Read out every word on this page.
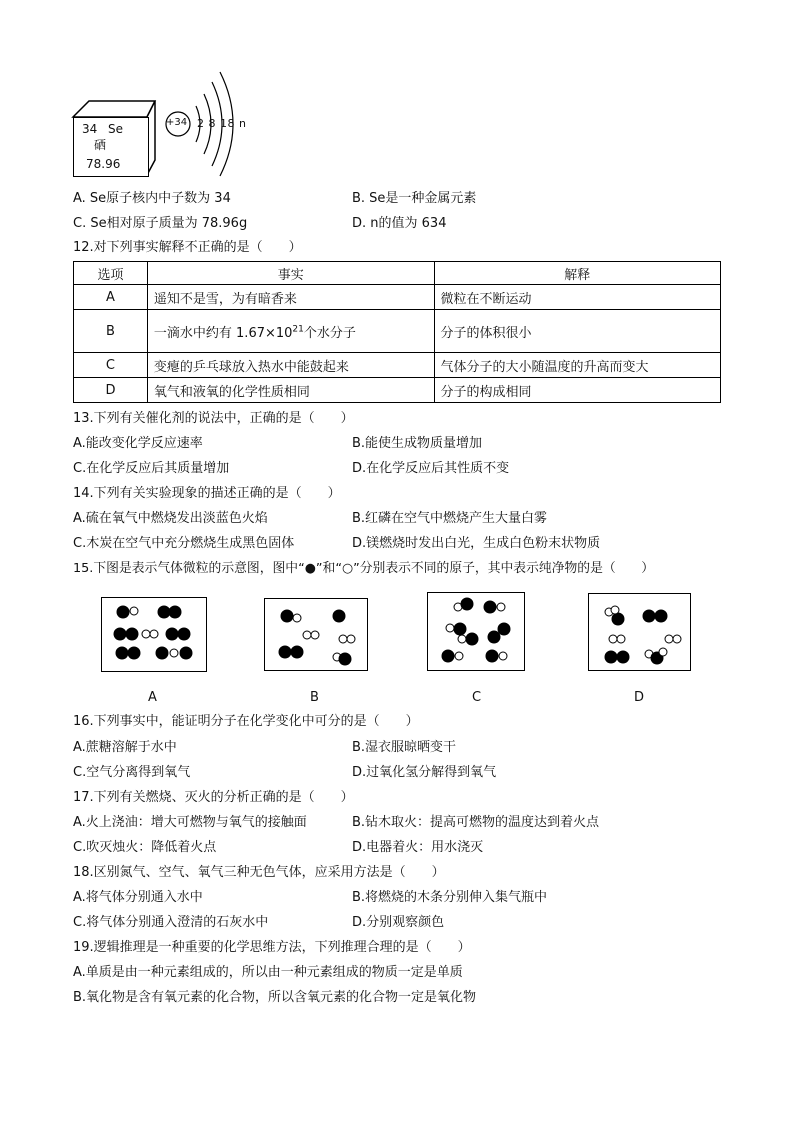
34 Se
硒
78.96
+34 2 8 18 n
A. Se原子核内中子数为 34	B. Se是一种金属元素
C. Se相对原子质量为 78.96g	D. n的值为 634
12.对下列事实解释不正确的是（　　）
选项	事实	解释
A	遥知不是雪，为有暗香来	微粒在不断运动
B	一滴水中约有 $1.67\times 10^{21}$个水分子	分子的体积很小
C	变瘪的乒乓球放入热水中能鼓起来	气体分子的大小随温度的升高而变大
D	氧气和液氧的化学性质相同	分子的构成相同
13.下列有关催化剂的说法中，正确的是（　　）
A.能改变化学反应速率	B.能使生成物质量增加
C.在化学反应后其质量增加	D.在化学反应后其性质不变
14.下列有关实验现象的描述正确的是（　　）
A.硫在氧气中燃烧发出淡蓝色火焰	B.红磷在空气中燃烧产生大量白雾
C.木炭在空气中充分燃烧生成黑色固体	D.镁燃烧时发出白光，生成白色粉末状物质
15.下图是表示气体微粒的示意图，图中“●”和“○”分别表示不同的原子，其中表示纯净物的是（　　）
A	B	C	D
16.下列事实中，能证明分子在化学变化中可分的是（　　）
A.蔗糖溶解于水中	B.湿衣服晾晒变干
C.空气分离得到氧气	D.过氧化氢分解得到氧气
17.下列有关燃烧、灭火的分析正确的是（　　）
A.火上浇油：增大可燃物与氧气的接触面	B.钻木取火：提高可燃物的温度达到着火点
C.吹灭烛火：降低着火点	D.电器着火：用水浇灭
18.区别氮气、空气、氧气三种无色气体，应采用方法是（　　）
A.将气体分别通入水中	B.将燃烧的木条分别伸入集气瓶中
C.将气体分别通入澄清的石灰水中	D.分别观察颜色
19.逻辑推理是一种重要的化学思维方法，下列推理合理的是（　　）
A.单质是由一种元素组成的，所以由一种元素组成的物质一定是单质
B.氧化物是含有氧元素的化合物，所以含氧元素的化合物一定是氧化物
